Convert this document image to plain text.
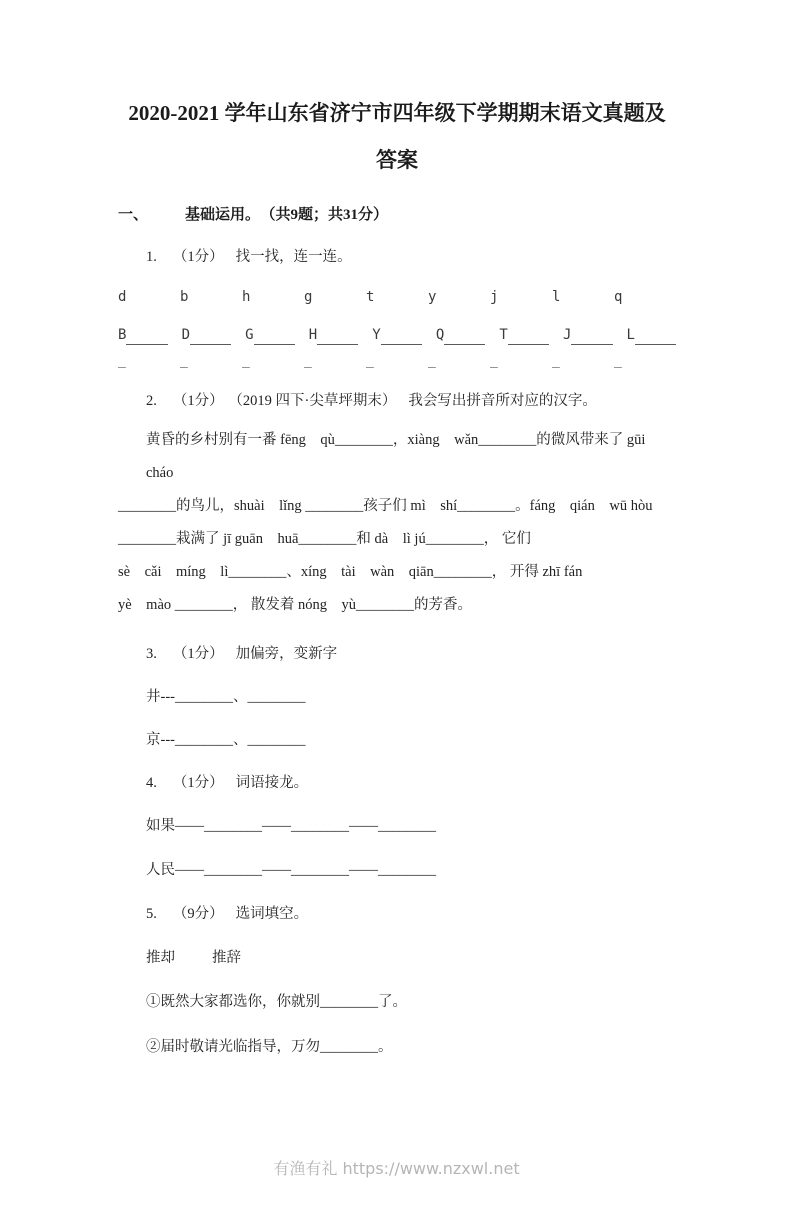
2020-2021 学年山东省济宁市四年级下学期期末语文真题及
答案
一、 基础运用。 （共9题；共31分）
1. （1分） 找一找，连一连。
d	b	h	g	t	y	j	l	q
B	D	G	H	Y	Q	T	J	L
–	–	–	–	–	–	–	–	–
2. （1分） （2019 四下·尖草坪期末） 我会写出拼音所对应的汉字。

黄昏的乡村别有一番 fēng    qù________，xiàng    wǎn________的微风带来了 gūi cháo

________的鸟儿，shuài    lǐng ________孩子们 mì    shí________。fáng    qián    wū hòu

________栽满了 jī guān    huā________和 dà    lì jú________， 它们

sè    cǎi    míng    lì________、xíng    tài    wàn    qiān________， 开得 zhī fán

yè    mào ________， 散发着 nóng    yù________的芳香。

3. （1分） 加偏旁，变新字
井---________、________
京---________、________
4. （1分） 词语接龙。
如果——________——________——________
人民——________——________——________
5. （9分） 选词填空。
推却	推辞
①既然大家都选你，你就别________了。
②届时敬请光临指导，万勿________。
有渔有礼 https://www.nzxwl.net
